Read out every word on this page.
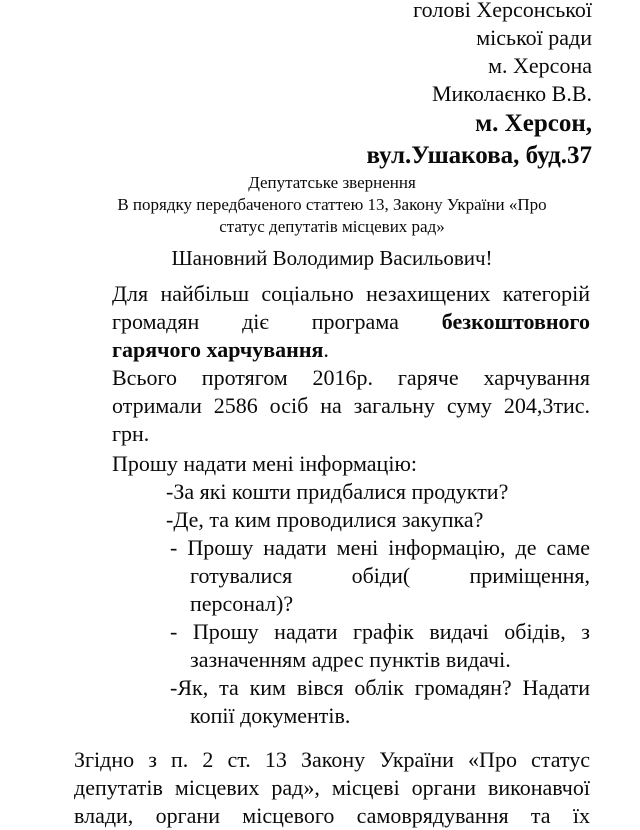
голові Херсонської
міської ради
м. Херсона
Миколаєнко В.В.
м. Херсон,
вул.Ушакова, буд.37
Депутатське звернення
В порядку передбаченого статтею 13, Закону України «Про
статус депутатів місцевих рад»
Шановний Володимир Васильович!
Для найбільш соціально незахищених категорій
громадян діє програма безкоштовного
гарячого харчування.
Всього протягом 2016р. гаряче харчування
отримали 2586 осіб на загальну суму 204,3тис.
грн.
Прошу надати мені інформацію:
-За які кошти придбалися продукти?
-Де, та ким проводилися закупка?
- Прошу надати мені інформацію, де саме
готувалися обіди( приміщення,
персонал)?
- Прошу надати графік видачі обідів, з
зазначенням адрес пунктів видачі.
-Як, та ким вівся облік громадян? Надати
копії документів.
Згідно з п. 2 ст. 13 Закону України «Про статус
депутатів місцевих рад», місцеві органи виконавчої
влади, органи місцевого самоврядування та їх
